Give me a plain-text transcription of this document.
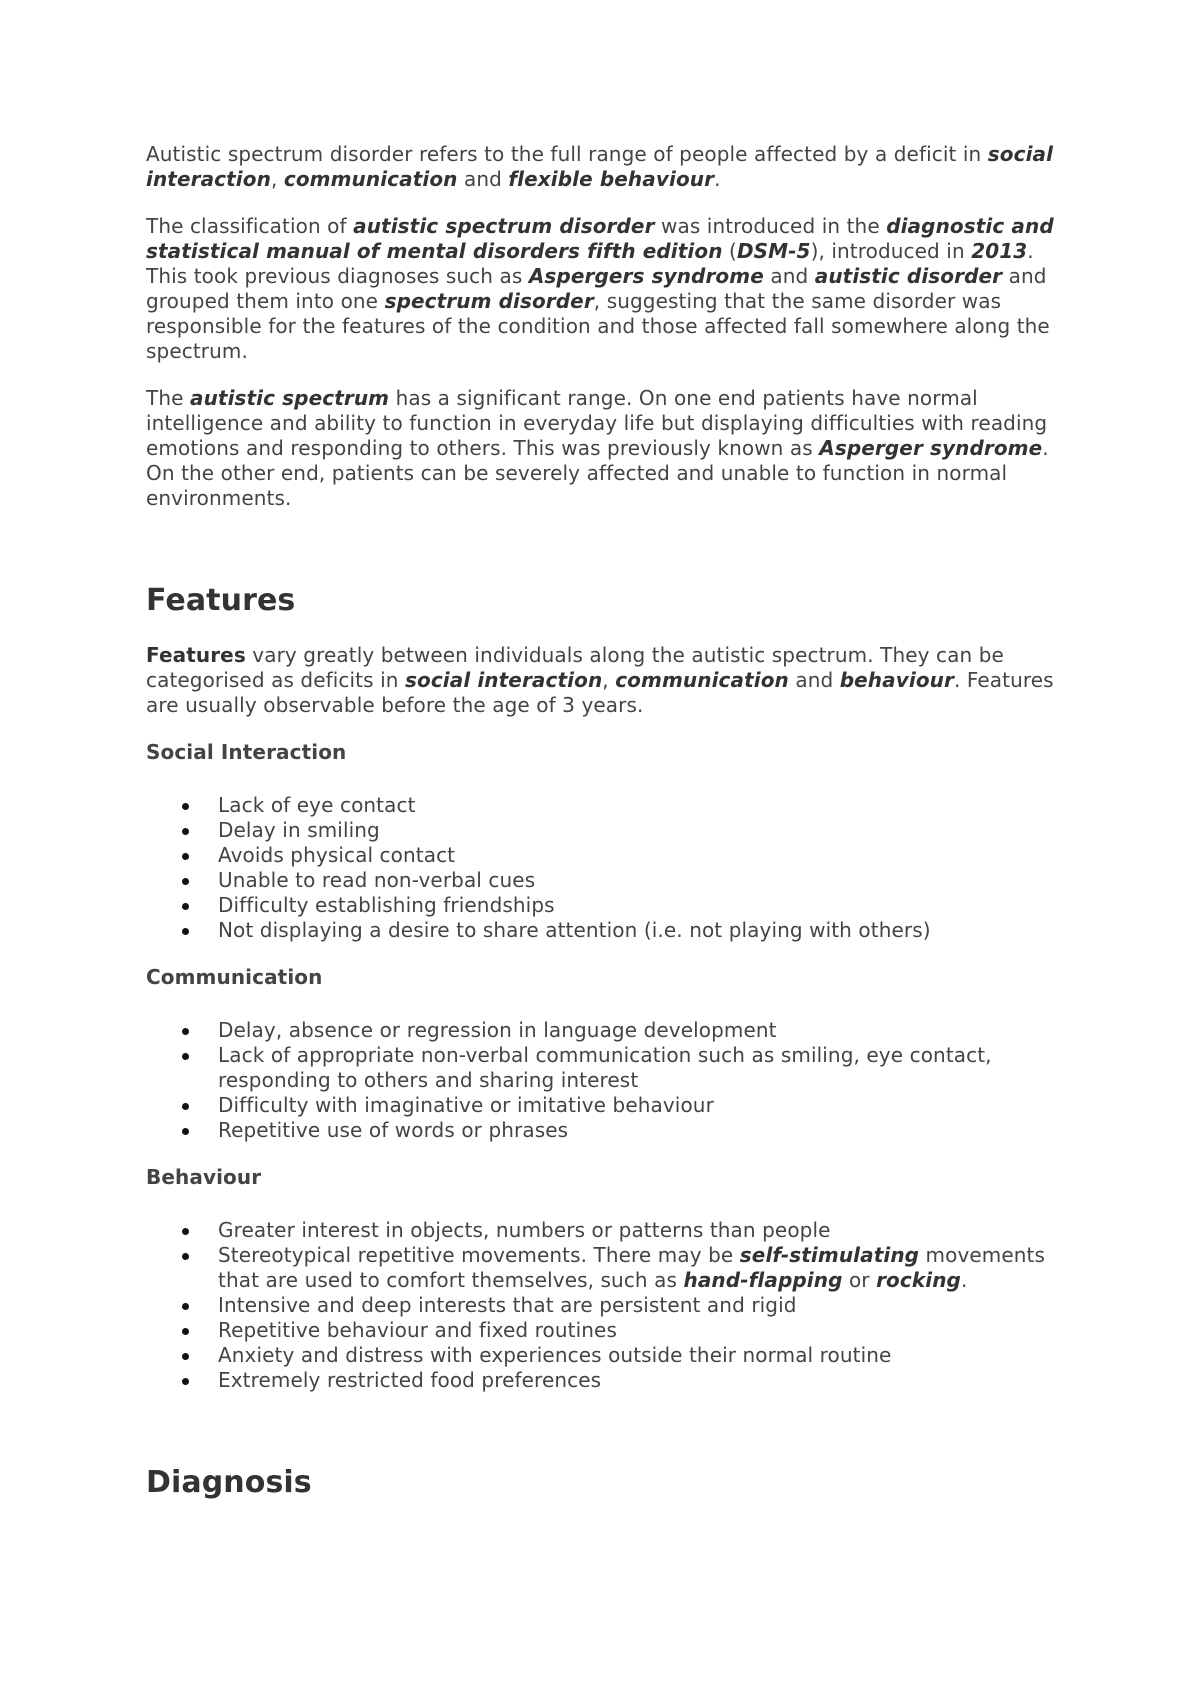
Autistic spectrum disorder refers to the full range of people affected by a deficit in social interaction, communication and flexible behaviour.

The classification of autistic spectrum disorder was introduced in the diagnostic and statistical manual of mental disorders fifth edition (DSM-5), introduced in 2013. This took previous diagnoses such as Aspergers syndrome and autistic disorder and grouped them into one spectrum disorder, suggesting that the same disorder was responsible for the features of the condition and those affected fall somewhere along the spectrum.

The autistic spectrum has a significant range. On one end patients have normal intelligence and ability to function in everyday life but displaying difficulties with reading emotions and responding to others. This was previously known as Asperger syndrome. On the other end, patients can be severely affected and unable to function in normal environments.

Features

Features vary greatly between individuals along the autistic spectrum. They can be categorised as deficits in social interaction, communication and behaviour. Features are usually observable before the age of 3 years.

Social Interaction
Lack of eye contact
Delay in smiling
Avoids physical contact
Unable to read non-verbal cues
Difficulty establishing friendships
Not displaying a desire to share attention (i.e. not playing with others)
Communication
Delay, absence or regression in language development
Lack of appropriate non-verbal communication such as smiling, eye contact, responding to others and sharing interest
Difficulty with imaginative or imitative behaviour
Repetitive use of words or phrases
Behaviour
Greater interest in objects, numbers or patterns than people
Stereotypical repetitive movements. There may be self-stimulating movements that are used to comfort themselves, such as hand-flapping or rocking.
Intensive and deep interests that are persistent and rigid
Repetitive behaviour and fixed routines
Anxiety and distress with experiences outside their normal routine
Extremely restricted food preferences
Diagnosis
